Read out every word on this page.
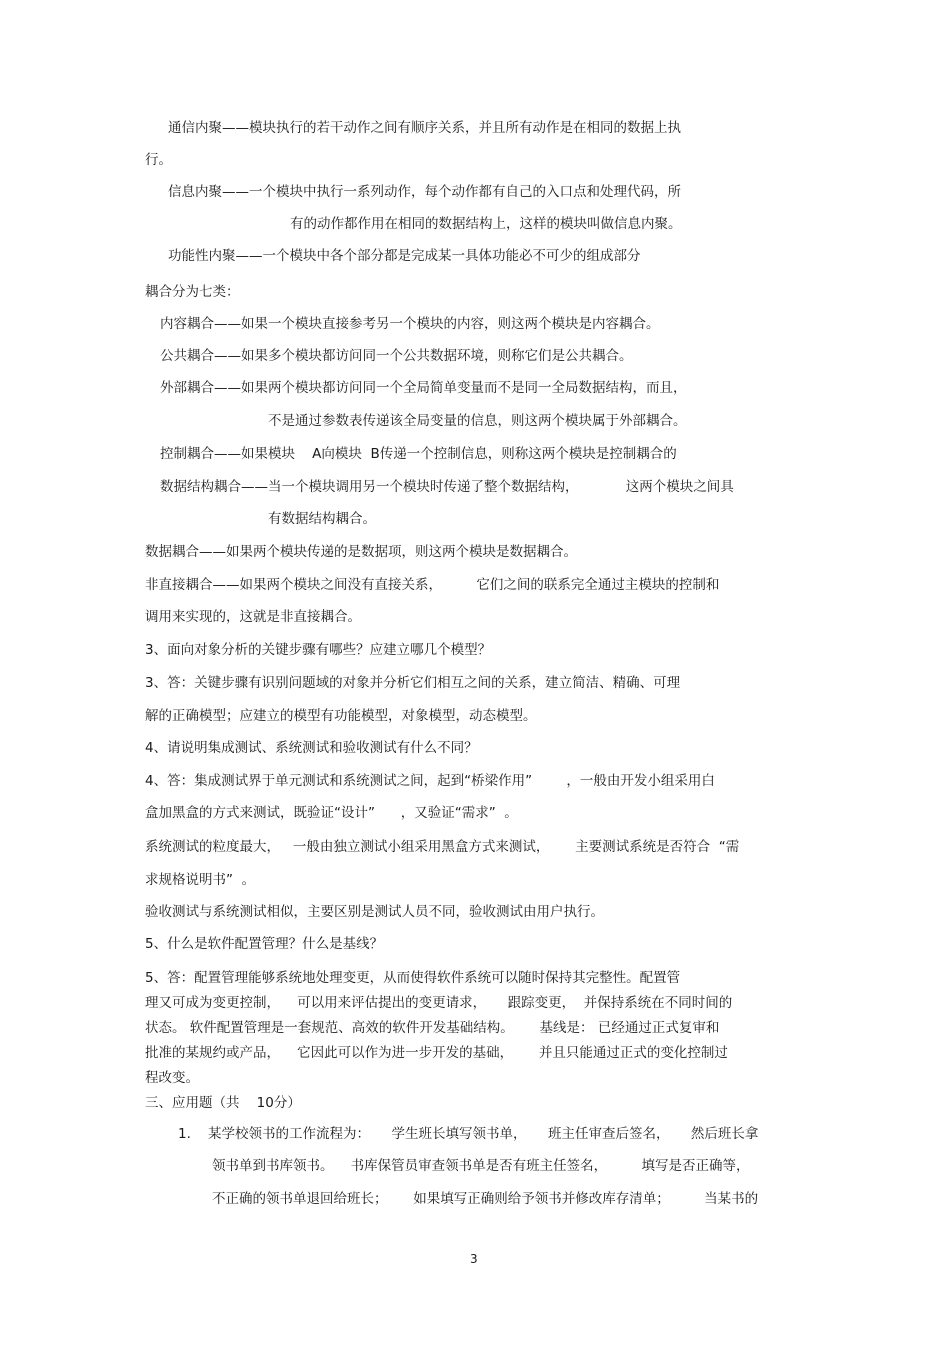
通信内聚——模块执行的若干动作之间有顺序关系，并且所有动作是在相同的数据上执
行。
信息内聚——一个模块中执行一系列动作，每个动作都有自己的入口点和处理代码，所
有的动作都作用在相同的数据结构上，这样的模块叫做信息内聚。
功能性内聚——一个模块中各个部分都是完成某一具体功能必不可少的组成部分
耦合分为七类：
内容耦合——如果一个模块直接参考另一个模块的内容，则这两个模块是内容耦合。
公共耦合——如果多个模块都访问同一个公共数据环境，则称它们是公共耦合。
外部耦合——如果两个模块都访问同一个全局简单变量而不是同一全局数据结构，而且，
不是通过参数表传递该全局变量的信息，则这两个模块属于外部耦合。
控制耦合——如果模块    A向模块  B传递一个控制信息，则称这两个模块是控制耦合的
数据结构耦合——当一个模块调用另一个模块时传递了整个数据结构，           这两个模块之间具
有数据结构耦合。
数据耦合——如果两个模块传递的是数据项，则这两个模块是数据耦合。
非直接耦合——如果两个模块之间没有直接关系，        它们之间的联系完全通过主模块的控制和
调用来实现的，这就是非直接耦合。
3、面向对象分析的关键步骤有哪些？应建立哪几个模型？
3、答：关键步骤有识别问题域的对象并分析它们相互之间的关系，建立简洁、精确、可理
解的正确模型；应建立的模型有功能模型，对象模型，动态模型。
4、请说明集成测试、系统测试和验收测试有什么不同？
4、答：集成测试界于单元测试和系统测试之间，起到“桥梁作用”        ，一般由开发小组采用白
盒加黑盒的方式来测试，既验证“设计”      ，又验证“需求”  。
系统测试的粒度最大，   一般由独立测试小组采用黑盒方式来测试，      主要测试系统是否符合  “需
求规格说明书”  。
验收测试与系统测试相似，主要区别是测试人员不同，验收测试由用户执行。
5、什么是软件配置管理？什么是基线？
5、答：配置管理能够系统地处理变更，从而使得软件系统可以随时保持其完整性。配置管
理又可成为变更控制，    可以用来评估提出的变更请求，     跟踪变更，  并保持系统在不同时间的
状态。 软件配置管理是一套规范、高效的软件开发基础结构。      基线是： 已经通过正式复审和
批准的某规约或产品，    它因此可以作为进一步开发的基础，      并且只能通过正式的变化控制过
程改变。
三、应用题（共    10分）
1.    某学校领书的工作流程为：     学生班长填写领书单，     班主任审查后签名，     然后班长拿
领书单到书库领书。    书库保管员审查领书单是否有班主任签名，        填写是否正确等，
不正确的领书单退回给班长；      如果填写正确则给予领书并修改库存清单；        当某书的
3
